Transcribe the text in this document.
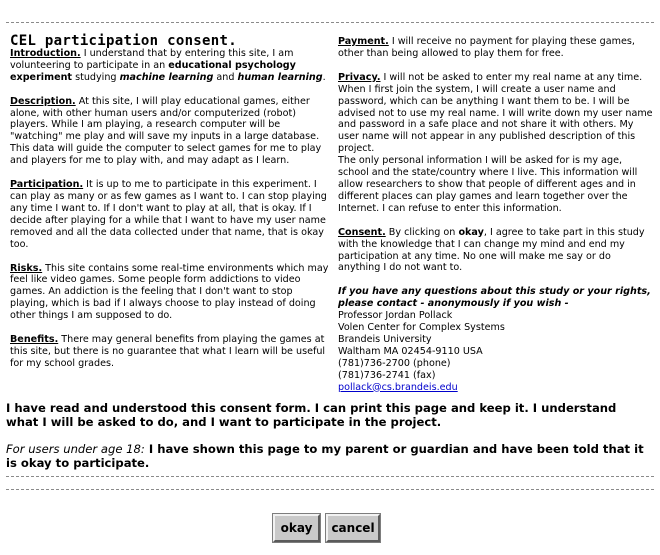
CEL participation consent.

Introduction. I understand that by entering this site, I am volunteering to participate in an educational psychology experiment studying machine learning and human learning.

Description. At this site, I will play educational games, either alone, with other human users and/or computerized (robot) players. While I am playing, a research computer will be "watching" me play and will save my inputs in a large database. This data will guide the computer to select games for me to play and players for me to play with, and may adapt as I learn.

Participation. It is up to me to participate in this experiment. I can play as many or as few games as I want to. I can stop playing any time I want to. If I don't want to play at all, that is okay. If I decide after playing for a while that I want to have my user name removed and all the data collected under that name, that is okay too.

Risks. This site contains some real-time environments which may feel like video games. Some people form addictions to video games. An addiction is the feeling that I don't want to stop playing, which is bad if I always choose to play instead of doing other things I am supposed to do.

Benefits. There may general benefits from playing the games at this site, but there is no guarantee that what I learn will be useful for my school grades.

Payment. I will receive no payment for playing these games, other than being allowed to play them for free.

Privacy. I will not be asked to enter my real name at any time. When I first join the system, I will create a user name and password, which can be anything I want them to be. I will be advised not to use my real name. I will write down my user name and password in a safe place and not share it with others. My user name will not appear in any published description of this project.

The only personal information I will be asked for is my age, school and the state/country where I live. This information will allow researchers to show that people of different ages and in different places can play games and learn together over the Internet. I can refuse to enter this information.

Consent. By clicking on okay, I agree to take part in this study with the knowledge that I can change my mind and end my participation at any time. No one will make me say or do anything I do not want to.

If you have any questions about this study or your rights, please contact - anonymously if you wish -
Professor Jordan Pollack
Volen Center for Complex Systems
Brandeis University
Waltham MA 02454-9110 USA
(781)736-2700 (phone)
(781)736-2741 (fax)
pollack@cs.brandeis.edu

I have read and understood this consent form. I can print this page and keep it. I understand what I will be asked to do, and I want to participate in the project.
For users under age 18: I have shown this page to my parent or guardian and have been told that it is okay to participate.
okay	cancel
